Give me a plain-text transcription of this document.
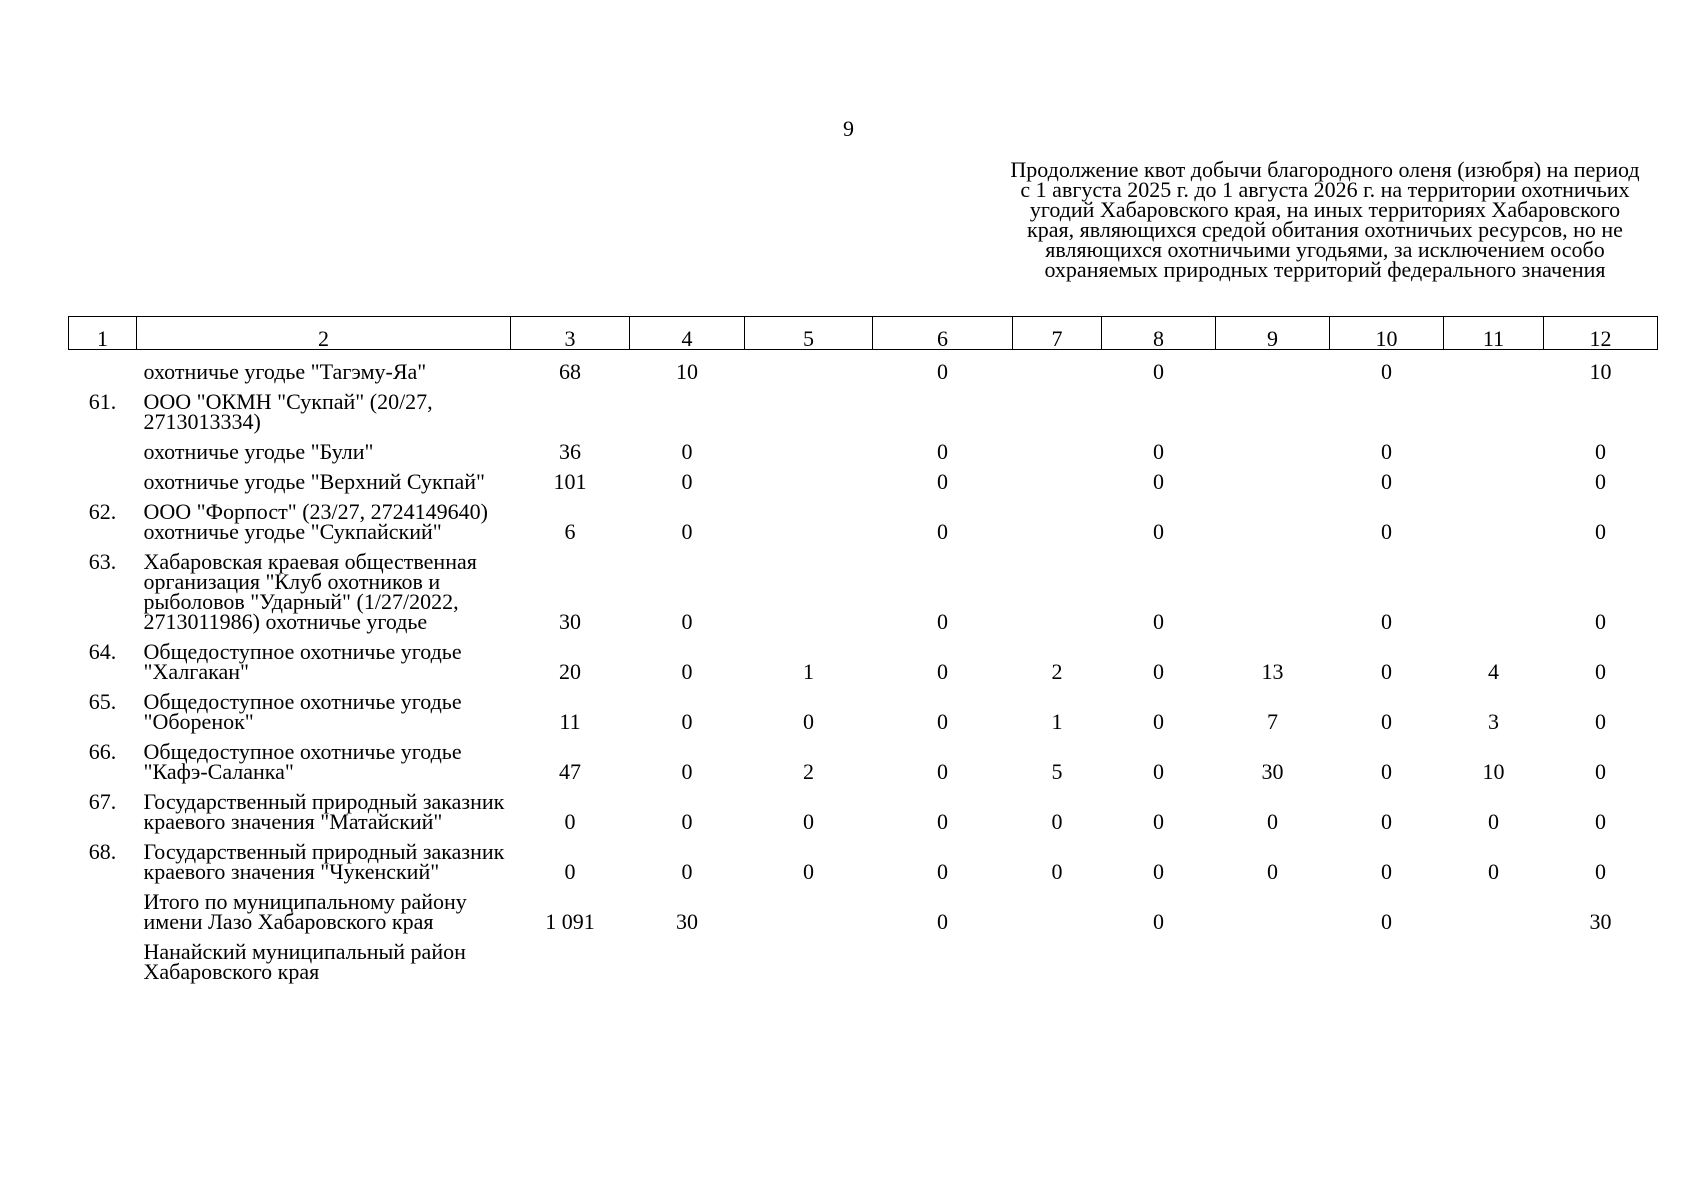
9
Продолжение квот добычи благородного оленя (изюбря) на период с 1 августа 2025 г. до 1 августа 2026 г. на территории охотничьих угодий Хабаровского края, на иных территориях Хабаровского края, являющихся средой обитания охотничьих ресурсов, но не являющихся охотничьими угодьями, за исключением особо охраняемых природных территорий федерального значения
1	2	3	4	5	6	7	8	9	10	11	12
	охотничье угодье "Тагэму-Яа"	68	10		0		0		0		10
61.	ООО "ОКМН "Сукпай" (20/27, 2713013334)										
	охотничье угодье "Були"	36	0		0		0		0		0
	охотничье угодье "Верхний Сукпай"	101	0		0		0		0		0
62.	ООО "Форпост" (23/27, 2724149640) охотничье угодье "Сукпайский"	6	0		0		0		0		0
63.	Хабаровская краевая общественная организация "Клуб охотников и рыболовов "Ударный" (1/27/2022, 2713011986) охотничье угодье	30	0		0		0		0		0
64.	Общедоступное охотничье угодье "Халгакан"	20	0	1	0	2	0	13	0	4	0
65.	Общедоступное охотничье угодье "Оборенок"	11	0	0	0	1	0	7	0	3	0
66.	Общедоступное охотничье угодье "Кафэ-Саланка"	47	0	2	0	5	0	30	0	10	0
67.	Государственный природный заказник краевого значения "Матайский"	0	0	0	0	0	0	0	0	0	0
68.	Государственный природный заказник краевого значения "Чукенский"	0	0	0	0	0	0	0	0	0	0
	Итого по муниципальному району имени Лазо Хабаровского края	1 091	30		0		0		0		30
	Нанайский муниципальный район Хабаровского края										
